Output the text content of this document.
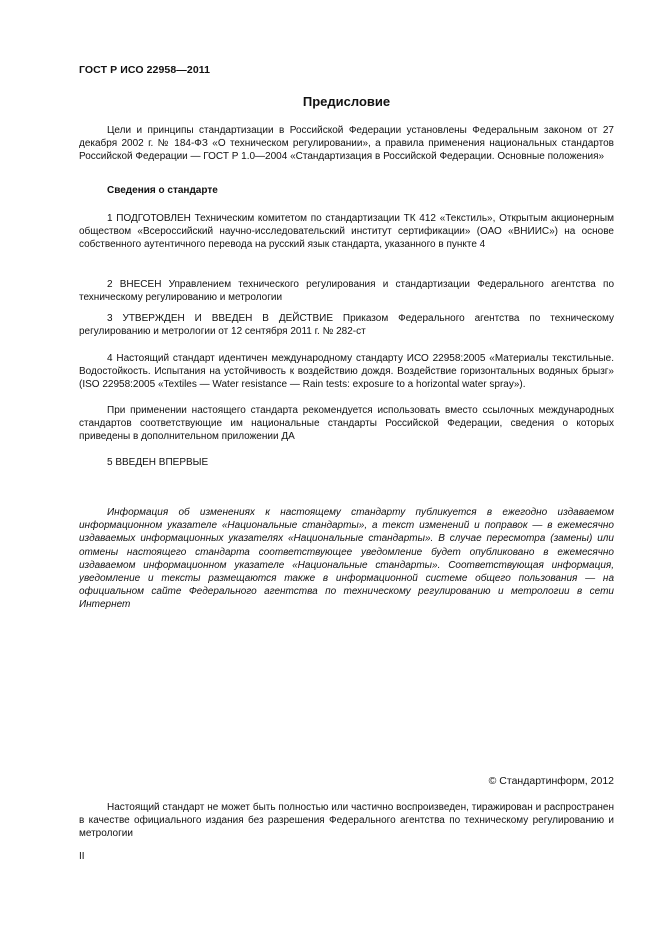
ГОСТ Р ИСО 22958—2011

Предисловие

Цели и принципы стандартизации в Российской Федерации установлены Федеральным законом от 27 декабря 2002 г. № 184-ФЗ «О техническом регулировании», а правила применения национальных стандартов Российской Федерации — ГОСТ Р 1.0—2004 «Стандартизация в Российской Федерации. Основные положения»

Сведения о стандарте

1 ПОДГОТОВЛЕН Техническим комитетом по стандартизации ТК 412 «Текстиль», Открытым акционерным обществом «Всероссийский научно-исследовательский институт сертификации» (ОАО «ВНИИС») на основе собственного аутентичного перевода на русский язык стандарта, указанного в пункте 4

2 ВНЕСЕН Управлением технического регулирования и стандартизации Федерального агентства по техническому регулированию и метрологии

3 УТВЕРЖДЕН И ВВЕДЕН В ДЕЙСТВИЕ Приказом Федерального агентства по техническому регулированию и метрологии от 12 сентября 2011 г. № 282-ст

4 Настоящий стандарт идентичен международному стандарту ИСО 22958:2005 «Материалы текстильные. Водостойкость. Испытания на устойчивость к воздействию дождя. Воздействие горизонтальных водяных брызг» (ISO 22958:2005 «Textiles — Water resistance — Rain tests: exposure to a horizontal water spray»).

При применении настоящего стандарта рекомендуется использовать вместо ссылочных международных стандартов соответствующие им национальные стандарты Российской Федерации, сведения о которых приведены в дополнительном приложении ДА

5 ВВЕДЕН ВПЕРВЫЕ

Информация об изменениях к настоящему стандарту публикуется в ежегодно издаваемом информационном указателе «Национальные стандарты», а текст изменений и поправок — в ежемесячно издаваемых информационных указателях «Национальные стандарты». В случае пересмотра (замены) или отмены настоящего стандарта соответствующее уведомление будет опубликовано в ежемесячно издаваемом информационном указателе «Национальные стандарты». Соответствующая информация, уведомление и тексты размещаются также в информационной системе общего пользования — на официальном сайте Федерального агентства по техническому регулированию и метрологии в сети Интернет

© Стандартинформ, 2012

Настоящий стандарт не может быть полностью или частично воспроизведен, тиражирован и распространен в качестве официального издания без разрешения Федерального агентства по техническому регулированию и метрологии

II
